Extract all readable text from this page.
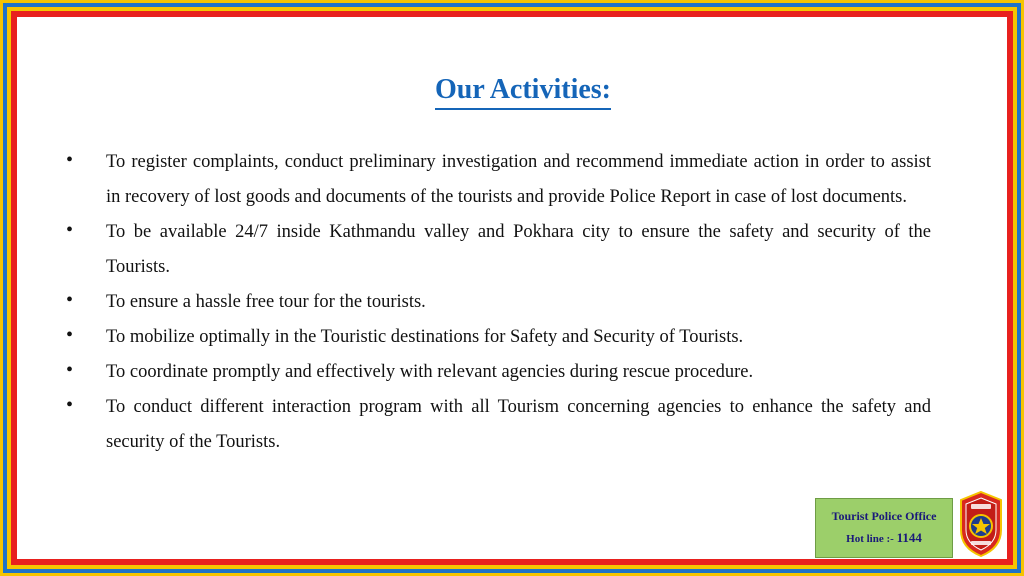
Our Activities:
• To register complaints, conduct preliminary investigation and recommend immediate action in order to assist in recovery of lost goods and documents of the tourists and provide Police Report in case of lost documents.
• To be available 24/7 inside Kathmandu valley and Pokhara city to ensure the safety and security of the Tourists.
• To ensure a hassle free tour for the tourists.
• To mobilize optimally in the Touristic destinations for Safety and Security of Tourists.
• To coordinate promptly and effectively with relevant agencies during rescue procedure.
• To conduct different interaction program with all Tourism concerning agencies to enhance the safety and security of the Tourists.
Tourist Police Office
Hot line :- 1144
